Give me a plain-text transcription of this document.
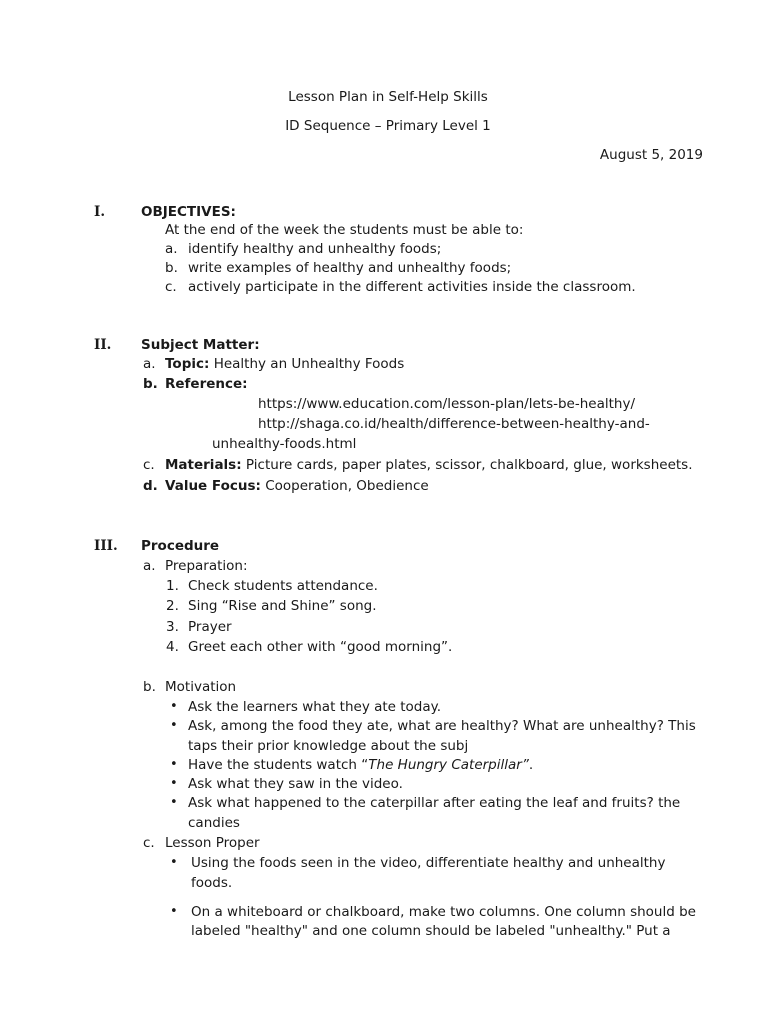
Lesson Plan in Self-Help Skills
ID Sequence – Primary Level 1
August 5, 2019
I.	OBJECTIVES:
At the end of the week the students must be able to:
a. identify healthy and unhealthy foods;
b. write examples of healthy and unhealthy foods;
c. actively participate in the different activities inside the classroom.
II. Subject Matter:
a. Topic: Healthy an Unhealthy Foods
b. Reference:
https://www.education.com/lesson-plan/lets-be-healthy/
http://shaga.co.id/health/difference-between-healthy-and-
unhealthy-foods.html
c. Materials: Picture cards, paper plates, scissor, chalkboard, glue, worksheets.
d. Value Focus: Cooperation, Obedience
III. Procedure
a. Preparation:
1. Check students attendance.
2. Sing “Rise and Shine” song.
3. Prayer
4. Greet each other with “good morning”.
b. Motivation
• Ask the learners what they ate today.
• Ask, among the food they ate, what are healthy? What are unhealthy? This
taps their prior knowledge about the subj
• Have the students watch “The Hungry Caterpillar”.
• Ask what they saw in the video.
• Ask what happened to the caterpillar after eating the leaf and fruits? the
candies
c. Lesson Proper
• Using the foods seen in the video, differentiate healthy and unhealthy
foods.
• On a whiteboard or chalkboard, make two columns. One column should be
labeled "healthy" and one column should be labeled "unhealthy." Put a
